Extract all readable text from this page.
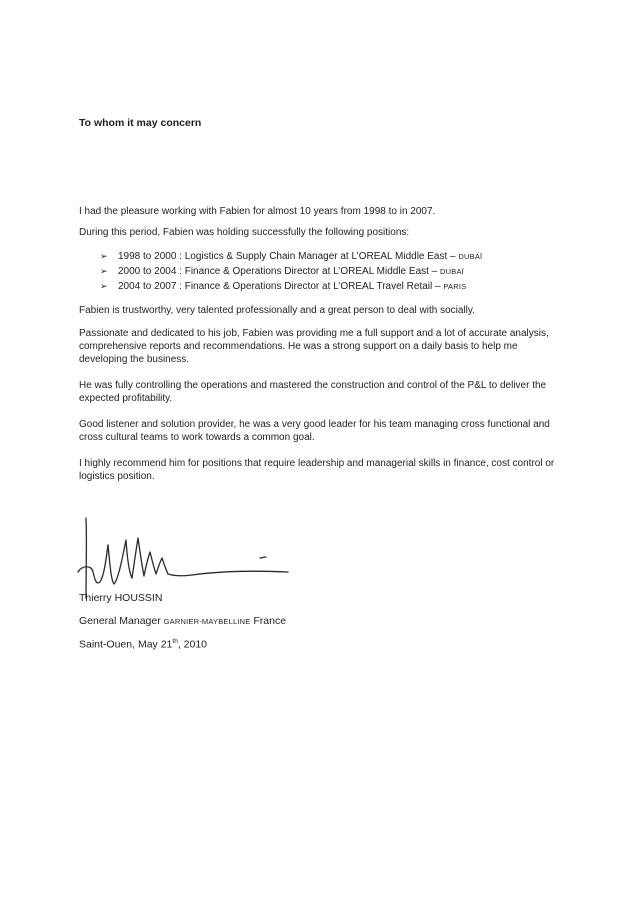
To whom it may concern

I had the pleasure working with Fabien for almost 10 years from 1998 to in 2007.

During this period, Fabien was holding successfully the following positions:

➢ 1998 to 2000 : Logistics & Supply Chain Manager at L’OREAL Middle East – DUBAÏ
➢ 2000 to 2004 : Finance & Operations Director at L’OREAL Middle East – DUBAÏ
➢ 2004 to 2007 : Finance & Operations Director at L’OREAL Travel Retail – PARIS

Fabien is trustworthy, very talented professionally and a great person to deal with socially.

Passionate and dedicated to his job, Fabien was providing me a full support and a lot of accurate analysis, comprehensive reports and recommendations. He was a strong support on a daily basis to help me developing the business.

He was fully controlling the operations and mastered the construction and control of the P&L to deliver the expected profitability.

Good listener and solution provider, he was a very good leader for his team managing cross functional and cross cultural teams to work towards a common goal.

I highly recommend him for positions that require leadership and managerial skills in finance, cost control or logistics position.

Thierry HOUSSIN

General Manager GARNIER-MAYBELLINE France

Saint-Ouen, May 21th, 2010
